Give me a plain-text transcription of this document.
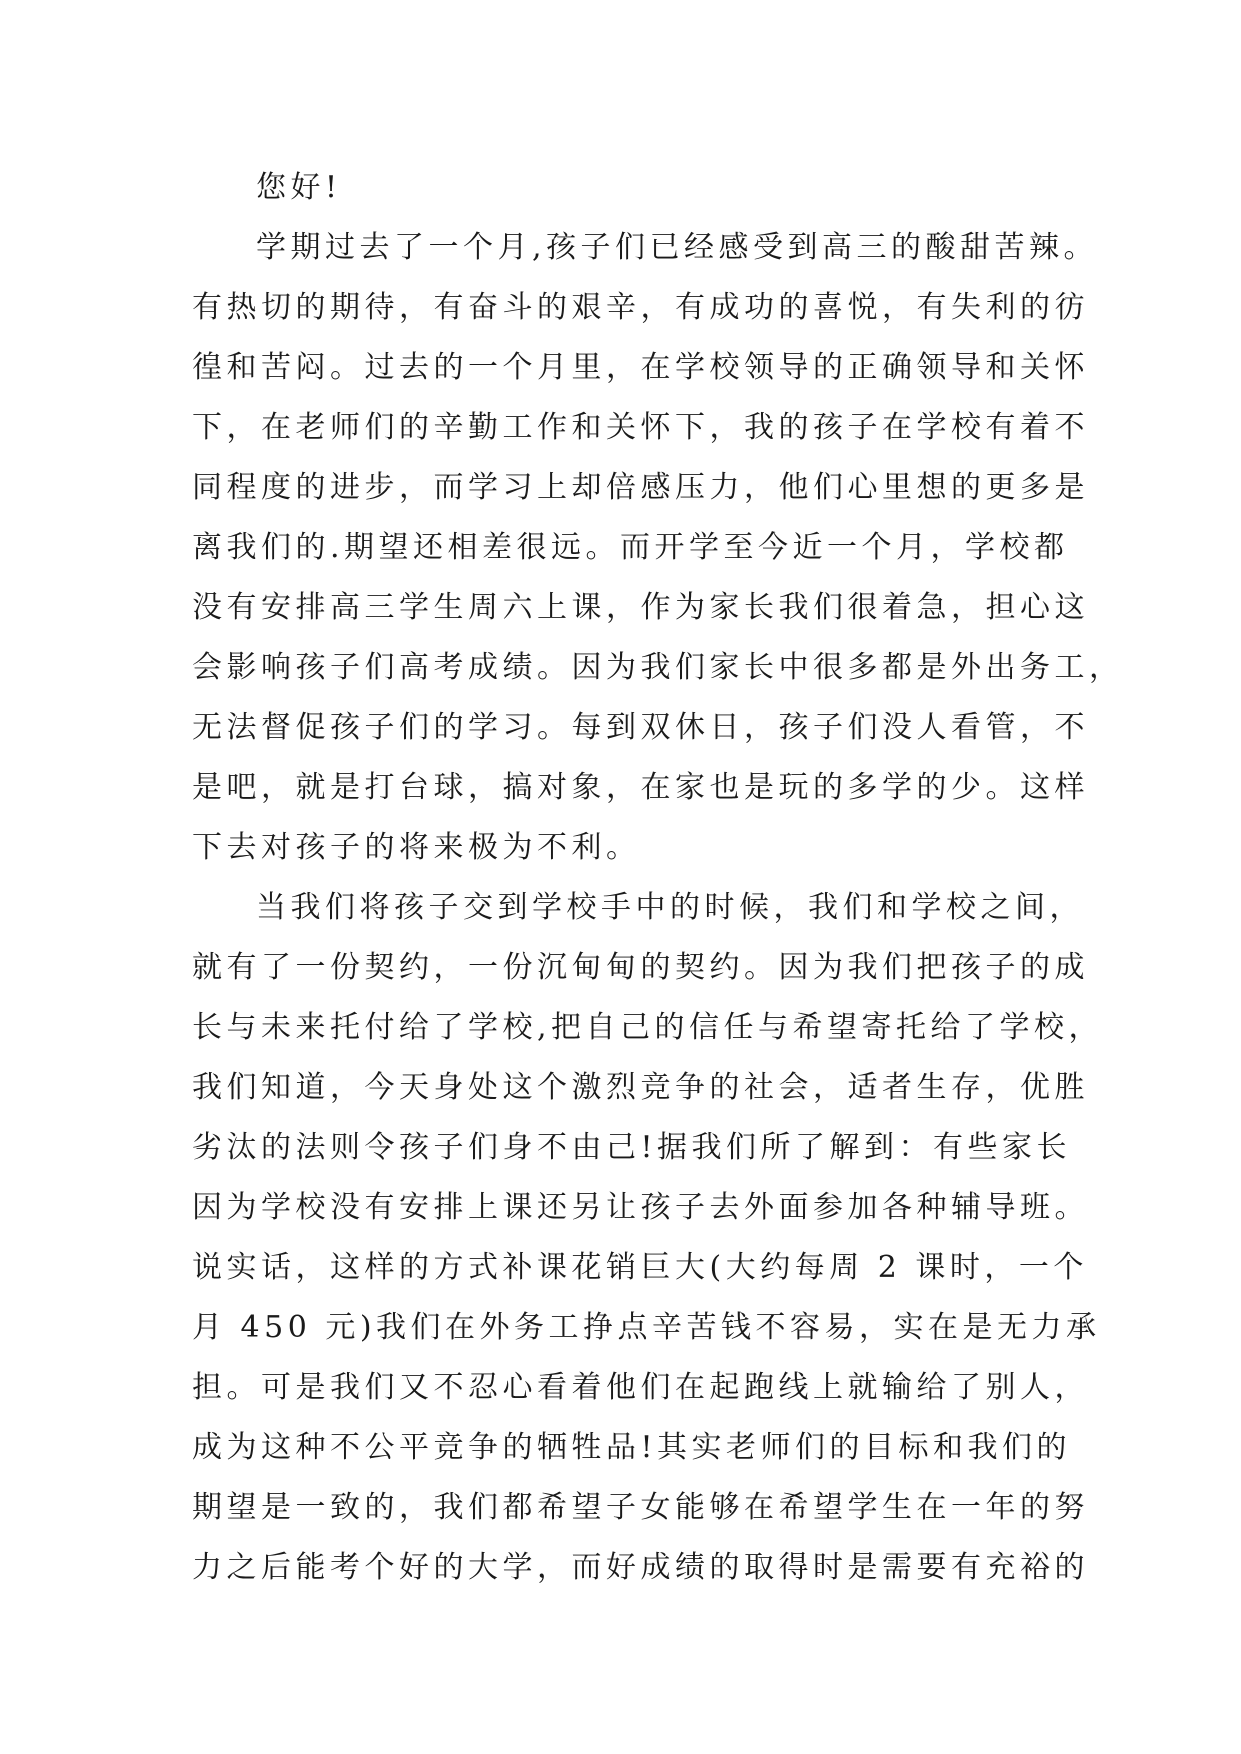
您好!
学期过去了一个月,孩子们已经感受到高三的酸甜苦辣。
有热切的期待，有奋斗的艰辛，有成功的喜悦，有失利的彷
徨和苦闷。过去的一个月里，在学校领导的正确领导和关怀
下，在老师们的辛勤工作和关怀下，我的孩子在学校有着不
同程度的进步，而学习上却倍感压力，他们心里想的更多是
离我们的.期望还相差很远。而开学至今近一个月，学校都
没有安排高三学生周六上课，作为家长我们很着急，担心这
会影响孩子们高考成绩。因为我们家长中很多都是外出务工，
无法督促孩子们的学习。每到双休日，孩子们没人看管，不
是吧，就是打台球，搞对象，在家也是玩的多学的少。这样
下去对孩子的将来极为不利。
当我们将孩子交到学校手中的时候，我们和学校之间，
就有了一份契约，一份沉甸甸的契约。因为我们把孩子的成
长与未来托付给了学校,把自己的信任与希望寄托给了学校，
我们知道，今天身处这个激烈竞争的社会，适者生存，优胜
劣汰的法则令孩子们身不由己!据我们所了解到：有些家长
因为学校没有安排上课还另让孩子去外面参加各种辅导班。
说实话，这样的方式补课花销巨大(大约每周 2 课时，一个
月 450 元)我们在外务工挣点辛苦钱不容易，实在是无力承
担。可是我们又不忍心看着他们在起跑线上就输给了别人，
成为这种不公平竞争的牺牲品!其实老师们的目标和我们的
期望是一致的，我们都希望子女能够在希望学生在一年的努
力之后能考个好的大学，而好成绩的取得时是需要有充裕的
